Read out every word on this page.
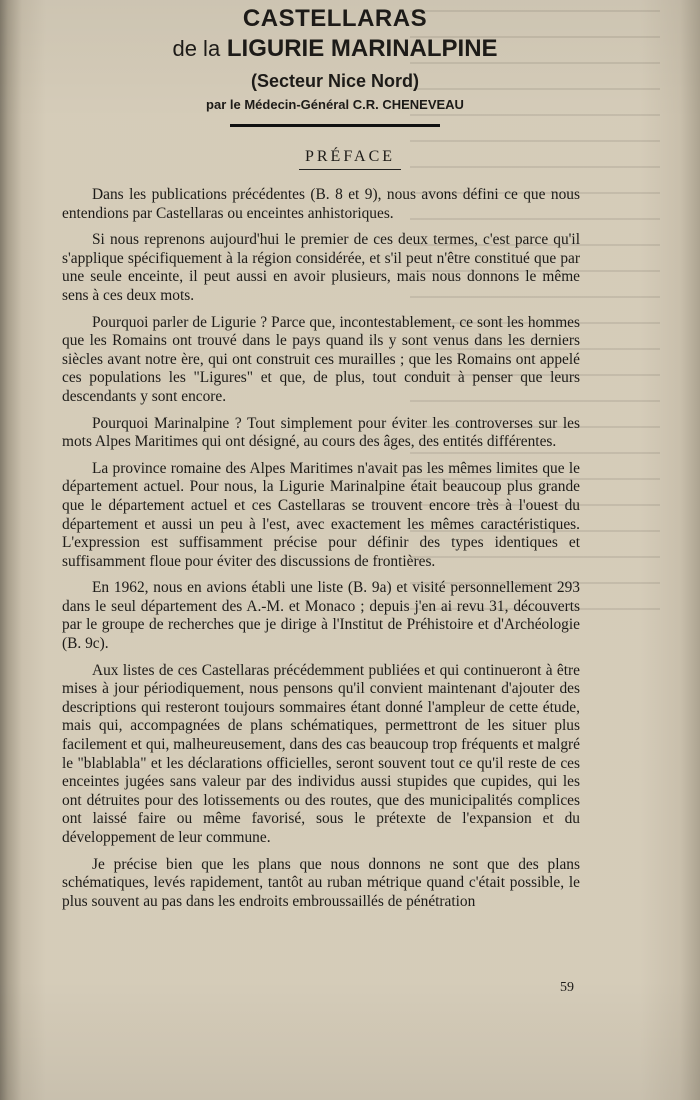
CASTELLARAS
de la LIGURIE MARINALPINE
(Secteur Nice Nord)
par le Médecin-Général C.R. CHENEVEAU
PRÉFACE

Dans les publications précédentes (B. 8 et 9), nous avons défini ce que nous entendions par Castellaras ou enceintes anhistoriques.

Si nous reprenons aujourd'hui le premier de ces deux termes, c'est parce qu'il s'applique spécifiquement à la région considérée, et s'il peut n'être constitué que par une seule enceinte, il peut aussi en avoir plusieurs, mais nous donnons le même sens à ces deux mots.

Pourquoi parler de Ligurie ? Parce que, incontestablement, ce sont les hommes que les Romains ont trouvé dans le pays quand ils y sont venus dans les derniers siècles avant notre ère, qui ont construit ces murailles ; que les Romains ont appelé ces populations les "Ligures" et que, de plus, tout conduit à penser que leurs descendants y sont encore.

Pourquoi Marinalpine ? Tout simplement pour éviter les controverses sur les mots Alpes Maritimes qui ont désigné, au cours des âges, des entités différentes.

La province romaine des Alpes Maritimes n'avait pas les mêmes limites que le département actuel. Pour nous, la Ligurie Marinalpine était beaucoup plus grande que le département actuel et ces Castellaras se trouvent encore très à l'ouest du département et aussi un peu à l'est, avec exactement les mêmes caractéristiques. L'expression est suffisamment précise pour définir des types identiques et suffisamment floue pour éviter des discussions de frontières.

En 1962, nous en avions établi une liste (B. 9a) et visité personnellement 293 dans le seul département des A.-M. et Monaco ; depuis j'en ai revu 31, découverts par le groupe de recherches que je dirige à l'Institut de Préhistoire et d'Archéologie (B. 9c).

Aux listes de ces Castellaras précédemment publiées et qui continueront à être mises à jour périodiquement, nous pensons qu'il convient maintenant d'ajouter des descriptions qui resteront toujours sommaires étant donné l'ampleur de cette étude, mais qui, accompagnées de plans schématiques, permettront de les situer plus facilement et qui, malheureusement, dans des cas beaucoup trop fréquents et malgré le "blablabla" et les déclarations officielles, seront souvent tout ce qu'il reste de ces enceintes jugées sans valeur par des individus aussi stupides que cupides, qui les ont détruites pour des lotissements ou des routes, que des municipalités complices ont laissé faire ou même favorisé, sous le prétexte de l'expansion et du développement de leur commune.

Je précise bien que les plans que nous donnons ne sont que des plans schématiques, levés rapidement, tantôt au ruban métrique quand c'était possible, le plus souvent au pas dans les endroits embroussaillés de pénétration

59
